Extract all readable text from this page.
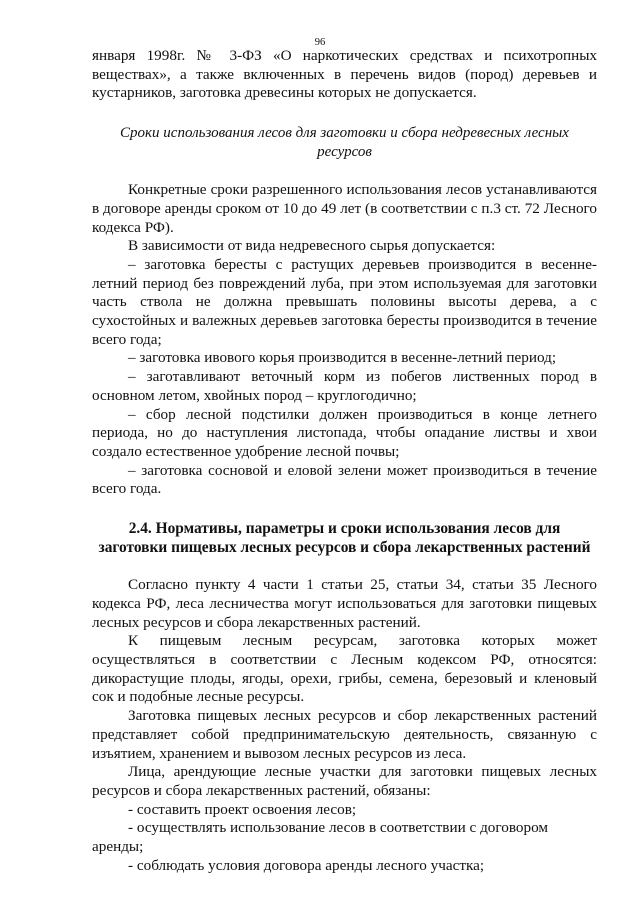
96

января 1998г. № 3-ФЗ «О наркотических средствах и психотропных веществах», а также включенных в перечень видов (пород) деревьев и кустарников, заготовка древесины которых не допускается.

Сроки использования лесов для заготовки и сбора недревесных лесных ресурсов

Конкретные сроки разрешенного использования лесов устанавливаются в договоре аренды сроком от 10 до 49 лет (в соответствии с п.3 ст. 72 Лесного кодекса РФ).

В зависимости от вида недревесного сырья допускается:

– заготовка бересты с растущих деревьев производится в весенне-летний период без повреждений луба, при этом используемая для заготовки часть ствола не должна превышать половины высоты дерева, а с сухостойных и валежных деревьев заготовка бересты производится в течение всего года;

– заготовка ивового корья производится в весенне-летний период;

– заготавливают веточный корм из побегов лиственных пород в основном летом, хвойных пород – круглогодично;

– сбор лесной подстилки должен производиться в конце летнего периода, но до наступления листопада, чтобы опадание листвы и хвои создало естественное удобрение лесной почвы;

– заготовка сосновой и еловой зелени может производиться в течение всего года.

2.4. Нормативы, параметры и сроки использования лесов для заготовки пищевых лесных ресурсов и сбора лекарственных растений

Согласно пункту 4 части 1 статьи 25, статьи 34, статьи 35 Лесного кодекса РФ, леса лесничества могут использоваться для заготовки пищевых лесных ресурсов и сбора лекарственных растений.

К пищевым лесным ресурсам, заготовка которых может осуществляться в соответствии с Лесным кодексом РФ, относятся: дикорастущие плоды, ягоды, орехи, грибы, семена, березовый и кленовый сок и подобные лесные ресурсы.

Заготовка пищевых лесных ресурсов и сбор лекарственных растений представляет собой предпринимательскую деятельность, связанную с изъятием, хранением и вывозом лесных ресурсов из леса.

Лица, арендующие лесные участки для заготовки пищевых лесных ресурсов и сбора лекарственных растений, обязаны:

- составить проект освоения лесов;

- осуществлять использование лесов в соответствии с договором аренды;

- соблюдать условия договора аренды лесного участка;
